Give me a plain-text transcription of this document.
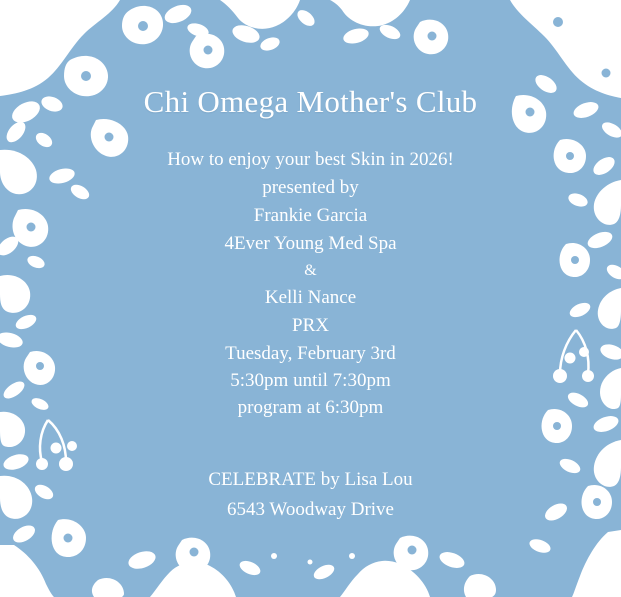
Chi Omega Mother's Club
How to enjoy your best Skin in 2026!
presented by
Frankie Garcia
4Ever Young Med Spa
&
Kelli Nance
PRX
Tuesday, February 3rd
5:30pm until 7:30pm
program at 6:30pm
CELEBRATE by Lisa Lou
6543 Woodway Drive
